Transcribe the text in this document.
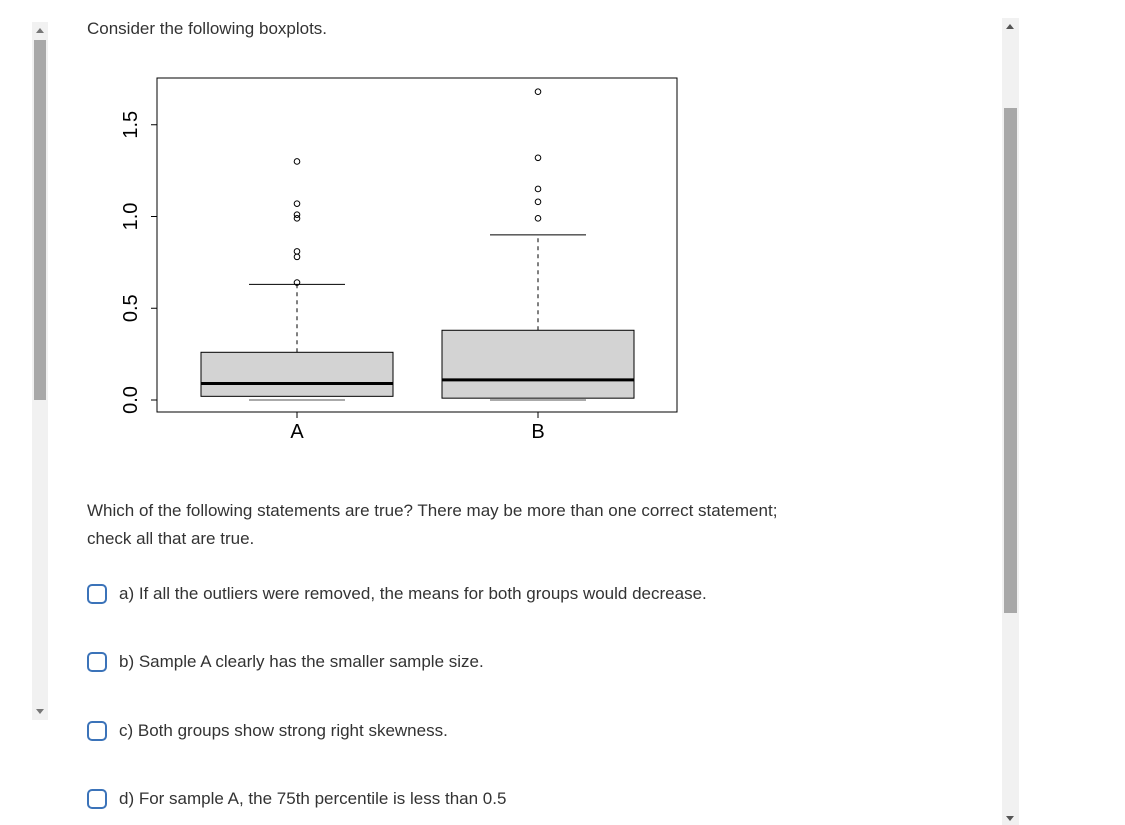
Consider the following boxplots.
0.0
0.5
1.0
1.5
A	B
Which of the following statements are true? There may be more than one correct statement; check all that are true.
a) If all the outliers were removed, the means for both groups would decrease.
b) Sample A clearly has the smaller sample size.
c) Both groups show strong right skewness.
d) For sample A, the 75th percentile is less than 0.5
